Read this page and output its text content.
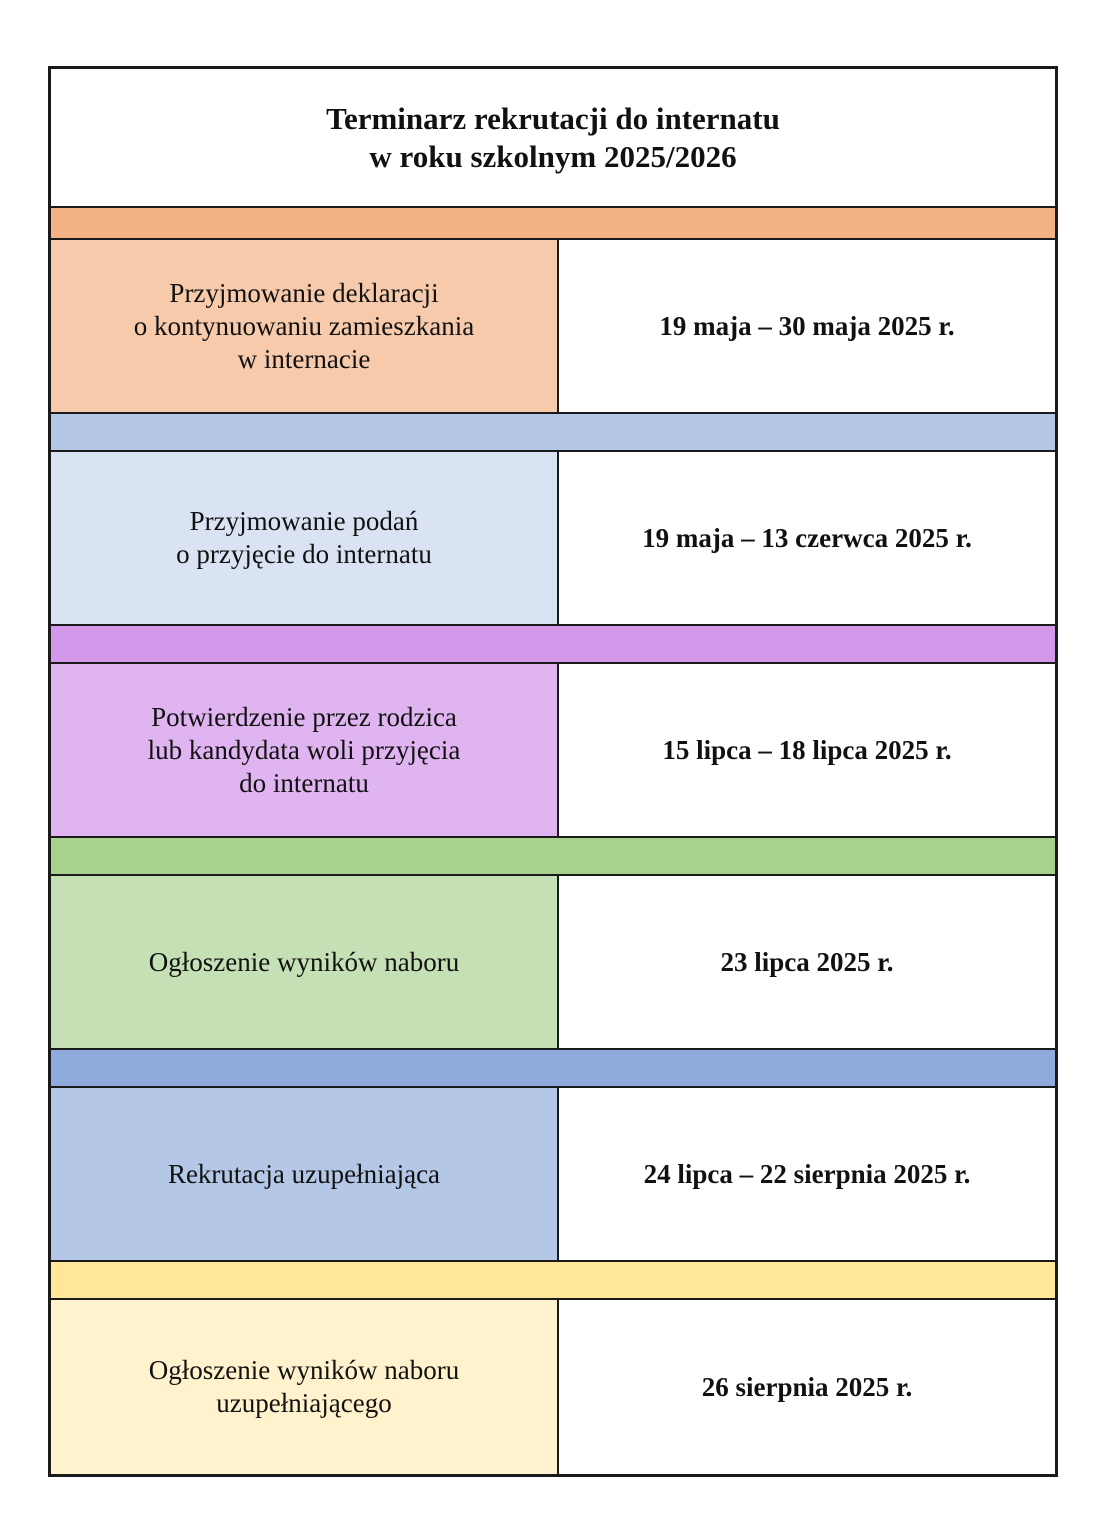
Terminarz rekrutacji do internatu
w roku szkolnym 2025/2026
Przyjmowanie deklaracji
o kontynuowaniu zamieszkania
w internacie
19 maja – 30 maja 2025 r.
Przyjmowanie podań
o przyjęcie do internatu
19 maja – 13 czerwca 2025 r.
Potwierdzenie przez rodzica
lub kandydata woli przyjęcia
do internatu
15 lipca – 18 lipca 2025 r.
Ogłoszenie wyników naboru	23 lipca 2025 r.
Rekrutacja uzupełniająca	24 lipca – 22 sierpnia 2025 r.
Ogłoszenie wyników naboru
uzupełniającego
26 sierpnia 2025 r.
